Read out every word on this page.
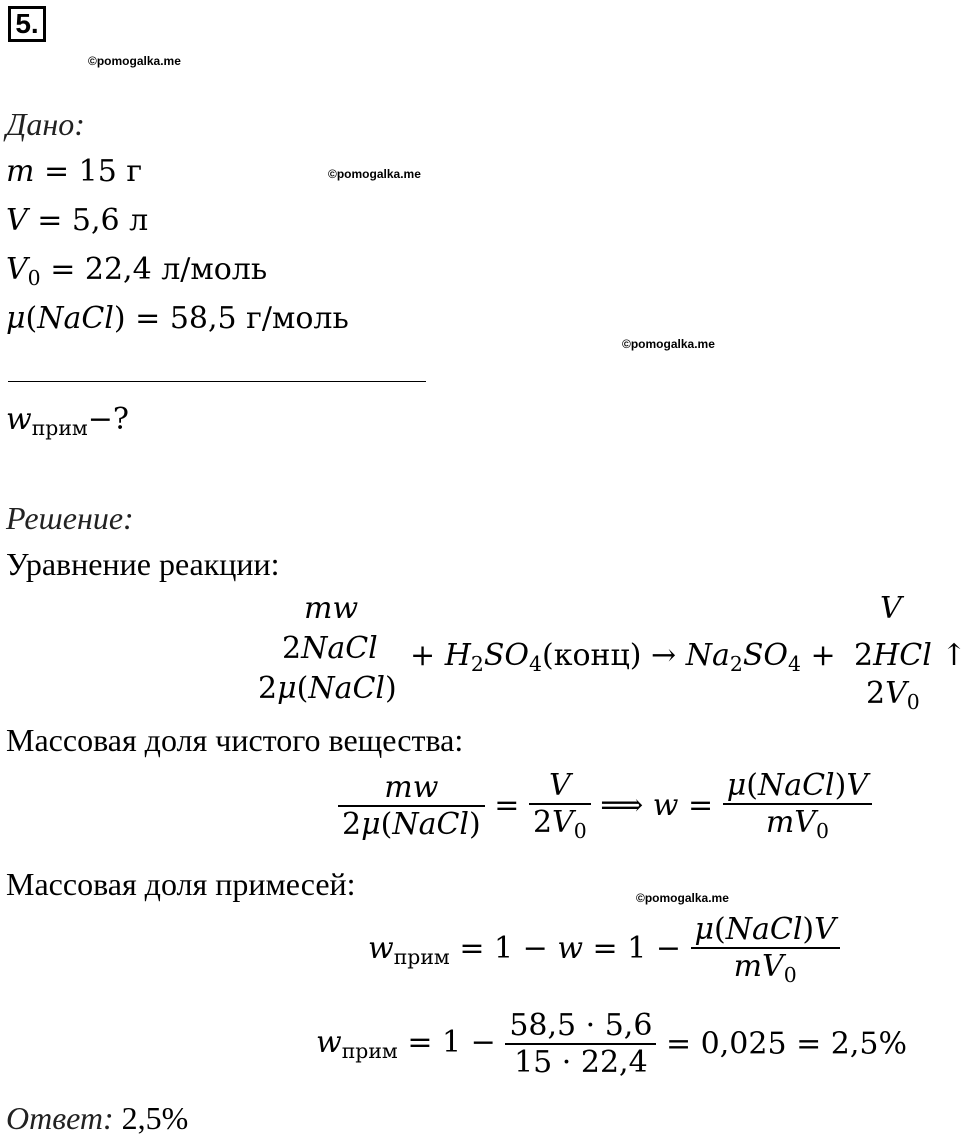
5.
©pomogalka.me
©pomogalka.me
©pomogalka.me
©pomogalka.me
Дано:
m = 15 г
V = 5,6 л
$V_0 = 22,4$ л/моль
μ(NaCl) = 58,5 г/моль
$w_{прим}-$?
Решение:
Уравнение реакции:
mw
2NaCl
2μ(NaCl)
+ $H_2SO_4(конц) \to Na_2SO_4$ +
V
2HCl ↑
$2V_0$
Массовая доля чистого вещества:
$\frac{mw}{\text{2μ(NaCl)}} = \frac{V}{2V_0}$ ⟹ $w = \frac{\text{μ(NaCl)V}}{mV_0}$
Массовая доля примесей:
$w_{прим} = 1 - w = 1 - \frac{\text{μ(NaCl)V}}{mV_0}$
$w_{прим} = 1 - \frac{58,5 \cdot 5,6}{15 \cdot 22,4} = 0,025 = 2,5\%$
Ответ: 2,5%
